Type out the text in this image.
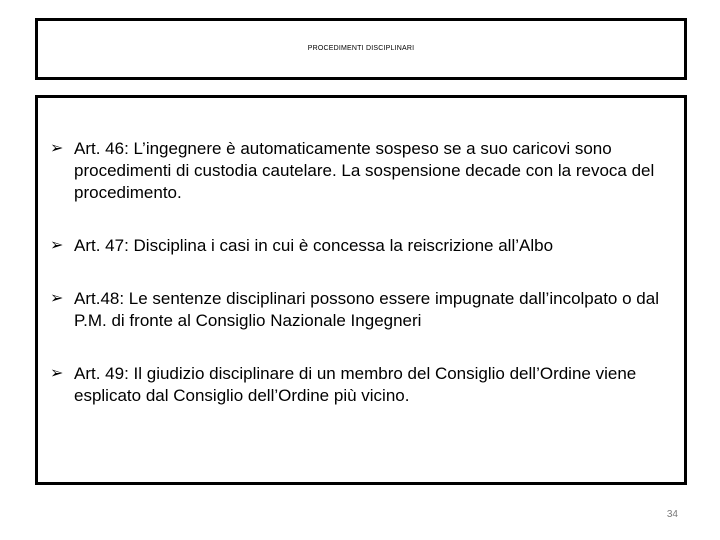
PROCEDIMENTI DISCIPLINARI
➢ Art. 46: L’ingegnere è automaticamente sospeso se a suo caricovi sono procedimenti di custodia cautelare. La sospensione decade con la revoca del procedimento.
➢ Art. 47: Disciplina i casi in cui è concessa la reiscrizione all’Albo
➢ Art.48: Le sentenze disciplinari possono essere impugnate dall’incolpato o dal P.M. di fronte al Consiglio Nazionale Ingegneri
➢ Art. 49: Il giudizio disciplinare di un membro del Consiglio dell’Ordine viene esplicato dal Consiglio dell’Ordine più vicino.
34
